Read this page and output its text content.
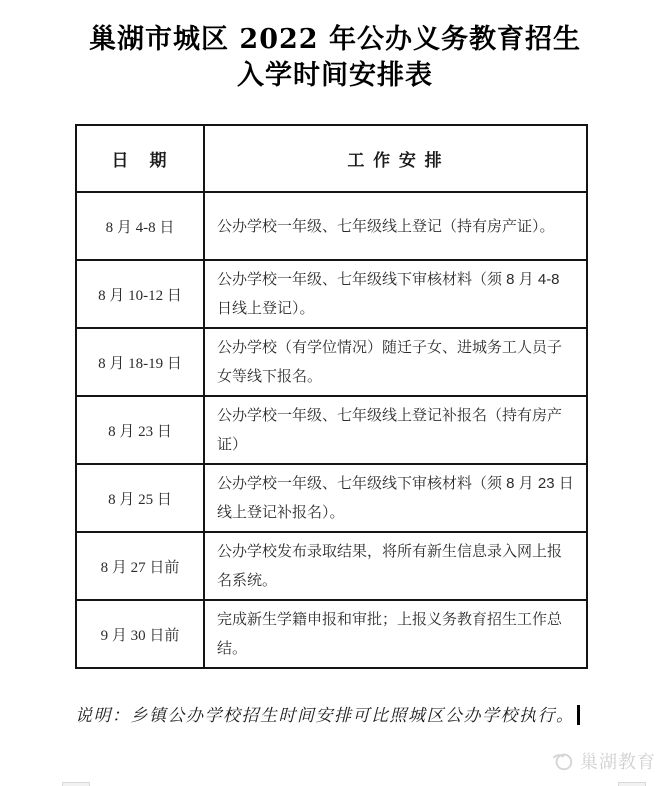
巢湖市城区 2022 年公办义务教育招生
入学时间安排表
日　期	工 作 安 排
8 月 4-8 日	公办学校一年级、七年级线上登记（持有房产证）。
8 月 10-12 日	公办学校一年级、七年级线下审核材料（须 8 月 4-8 日线上登记）。
8 月 18-19 日	公办学校（有学位情况）随迁子女、进城务工人员子女等线下报名。
8 月 23 日	公办学校一年级、七年级线上登记补报名（持有房产证）
8 月 25 日	公办学校一年级、七年级线下审核材料（须 8 月 23 日线上登记补报名）。
8 月 27 日前	公办学校发布录取结果，将所有新生信息录入网上报名系统。
9 月 30 日前	完成新生学籍申报和审批；上报义务教育招生工作总结。
说明：乡镇公办学校招生时间安排可比照城区公办学校执行。
巢湖教育
